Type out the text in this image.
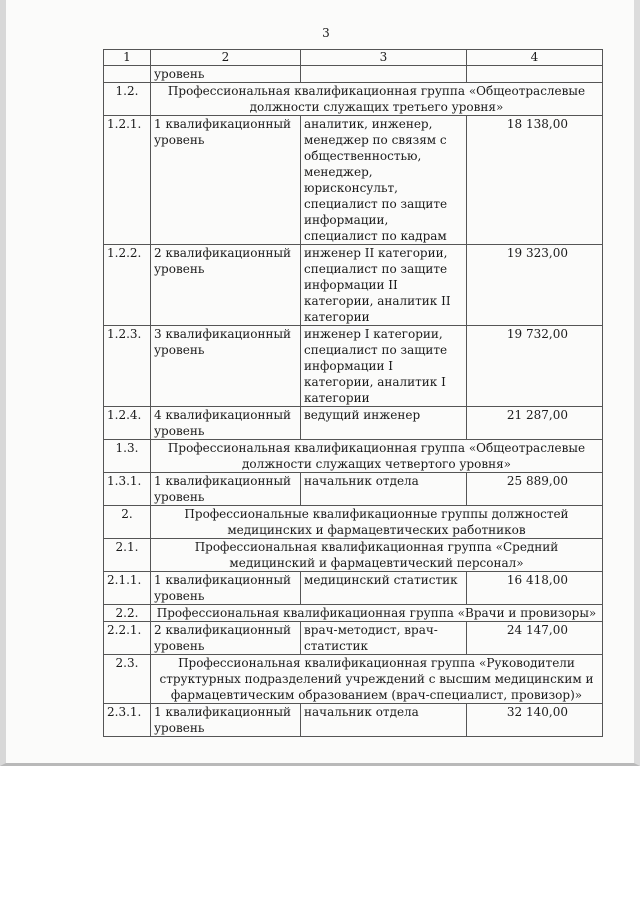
3
1	2	3	4
	уровень		
1.2.	Профессиональная квалификационная группа «Общеотраслевые должности служащих третьего уровня»		
1.2.1.	1 квалификационный уровень	аналитик, инженер, менеджер по связям с общественностью, менеджер, юрисконсульт, специалист по защите информации, специалист по кадрам	18 138,00
1.2.2.	2 квалификационный уровень	инженер II категории, специалист по защите информации II категории, аналитик II категории	19 323,00
1.2.3.	3 квалификационный уровень	инженер I категории, специалист по защите информации I категории, аналитик I категории	19 732,00
1.2.4.	4 квалификационный уровень	ведущий инженер	21 287,00
1.3.	Профессиональная квалификационная группа «Общеотраслевые должности служащих четвертого уровня»		
1.3.1.	1 квалификационный уровень	начальник отдела	25 889,00
2.	Профессиональные квалификационные группы должностей медицинских и фармацевтических работников		
2.1.	Профессиональная квалификационная группа «Средний медицинский и фармацевтический персонал»		
2.1.1.	1 квалификационный уровень	медицинский статистик	16 418,00
2.2.	Профессиональная квалификационная группа «Врачи и провизоры»		
2.2.1.	2 квалификационный уровень	врач-методист, врач-статистик	24 147,00
2.3.	Профессиональная квалификационная группа «Руководители структурных подразделений учреждений с высшим медицинским и фармацевтическим образованием (врач-специалист, провизор)»		
2.3.1.	1 квалификационный уровень	начальник отдела	32 140,00
